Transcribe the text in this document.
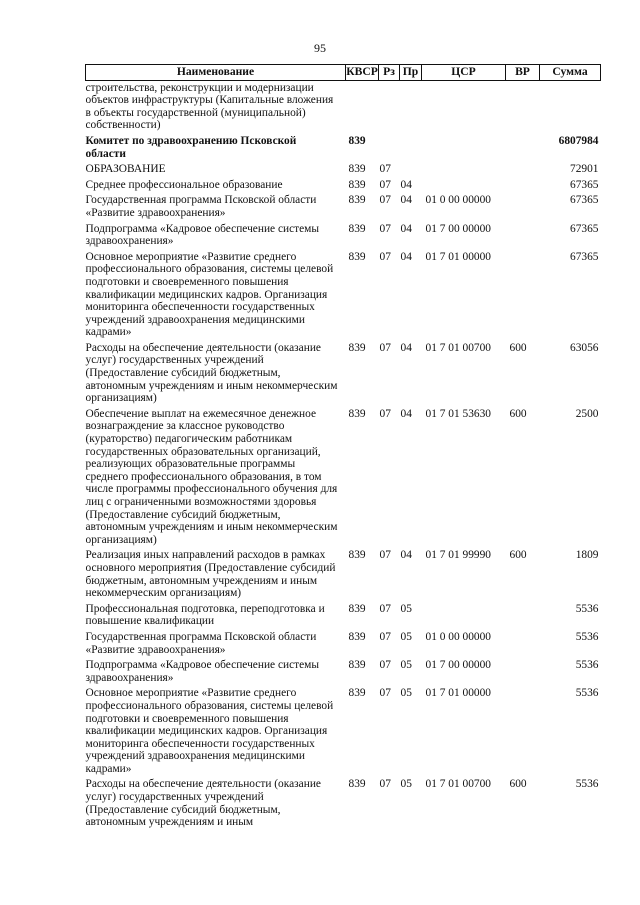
95
Наименование	КВСР	Рз	Пр	ЦСР	ВР	Сумма
строительства, реконструкции и модернизации объектов инфраструктуры (Капитальные вложения в объекты государственной (муниципальной) собственности)						
Комитет по здравоохранению Псковской области	839					6807984
ОБРАЗОВАНИЕ	839	07				72901
Среднее профессиональное образование	839	07	04			67365
Государственная программа Псковской области «Развитие здравоохранения»	839	07	04	01 0 00 00000		67365
Подпрограмма «Кадровое обеспечение системы здравоохранения»	839	07	04	01 7 00 00000		67365
Основное мероприятие «Развитие среднего профессионального образования, системы целевой подготовки и своевременного повышения квалификации медицинских кадров. Организация мониторинга обеспеченности государственных учреждений здравоохранения медицинскими кадрами»	839	07	04	01 7 01 00000		67365
Расходы на обеспечение деятельности (оказание услуг) государственных учреждений (Предоставление субсидий бюджетным, автономным учреждениям и иным некоммерческим организациям)	839	07	04	01 7 01 00700	600	63056
Обеспечение выплат на ежемесячное денежное вознаграждение за классное руководство (кураторство) педагогическим работникам государственных образовательных организаций, реализующих образовательные программы среднего профессионального образования, в том числе программы профессионального обучения для лиц с ограниченными возможностями здоровья (Предоставление субсидий бюджетным, автономным учреждениям и иным некоммерческим организациям)	839	07	04	01 7 01 53630	600	2500
Реализация иных направлений расходов в рамках основного мероприятия (Предоставление субсидий бюджетным, автономным учреждениям и иным некоммерческим организациям)	839	07	04	01 7 01 99990	600	1809
Профессиональная подготовка, переподготовка и повышение квалификации	839	07	05			5536
Государственная программа Псковской области «Развитие здравоохранения»	839	07	05	01 0 00 00000		5536
Подпрограмма «Кадровое обеспечение системы здравоохранения»	839	07	05	01 7 00 00000		5536
Основное мероприятие «Развитие среднего профессионального образования, системы целевой подготовки и своевременного повышения квалификации медицинских кадров. Организация мониторинга обеспеченности государственных учреждений здравоохранения медицинскими кадрами»	839	07	05	01 7 01 00000		5536
Расходы на обеспечение деятельности (оказание услуг) государственных учреждений (Предоставление субсидий бюджетным, автономным учреждениям и иным	839	07	05	01 7 01 00700	600	5536
